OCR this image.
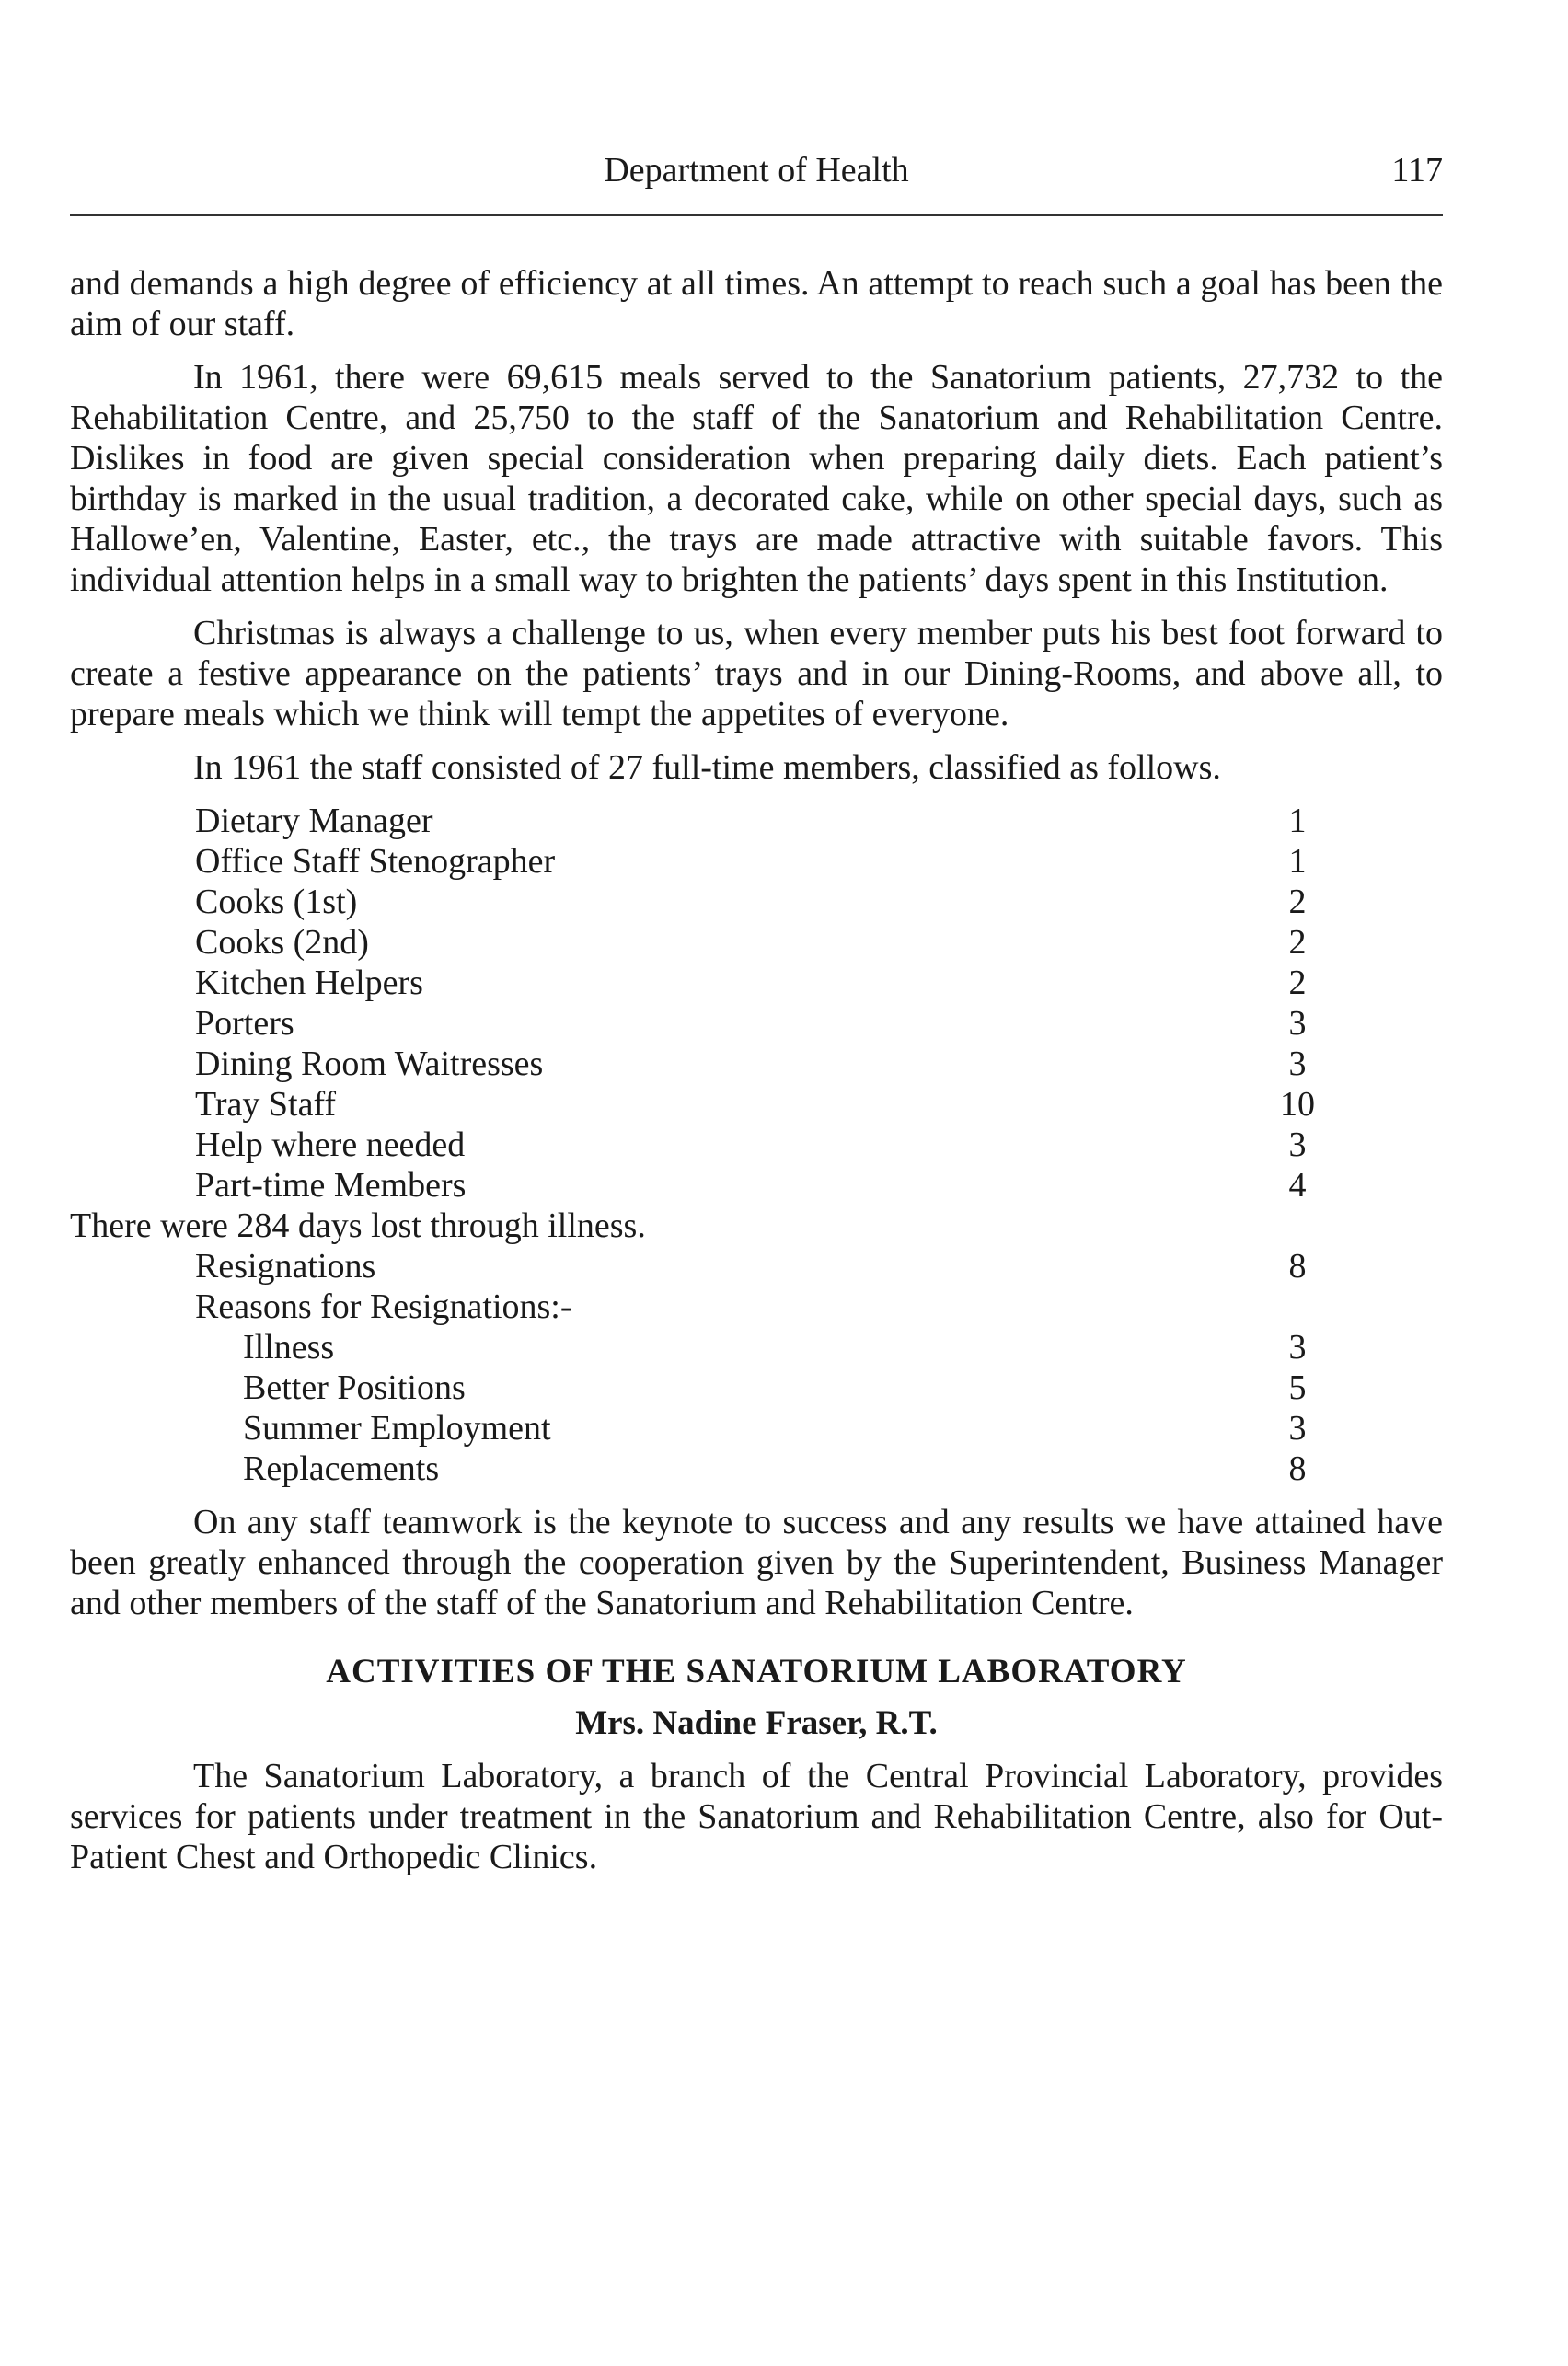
Department of Health	117

and demands a high degree of efficiency at all times. An attempt to reach such a goal has been the aim of our staff.

In 1961, there were 69,615 meals served to the Sanatorium patients, 27,732 to the Rehabilitation Centre, and 25,750 to the staff of the Sanatorium and Rehabilitation Centre. Dislikes in food are given special consideration when preparing daily diets. Each patient’s birthday is marked in the usual tradition, a decorated cake, while on other special days, such as Hallowe’en, Valentine, Easter, etc., the trays are made attractive with suitable favors. This individual attention helps in a small way to brighten the patients’ days spent in this Institution.

Christmas is always a challenge to us, when every member puts his best foot forward to create a festive appearance on the patients’ trays and in our Dining-Rooms, and above all, to prepare meals which we think will tempt the appetites of everyone.

In 1961 the staff consisted of 27 full-time members, classified as follows.

Dietary Manager	1
Office Staff Stenographer	1
Cooks (1st)	2
Cooks (2nd)	2
Kitchen Helpers	2
Porters	3
Dining Room Waitresses	3
Tray Staff	10
Help where needed	3
Part-time Members	4
There were 284 days lost through illness.
Resignations	8
Reasons for Resignations:-
Illness	3
Better Positions	5
Summer Employment	3
Replacements	8

On any staff teamwork is the keynote to success and any results we have attained have been greatly enhanced through the cooperation given by the Superintendent, Business Manager and other members of the staff of the Sanatorium and Rehabilitation Centre.

ACTIVITIES OF THE SANATORIUM LABORATORY
Mrs. Nadine Fraser, R.T.

The Sanatorium Laboratory, a branch of the Central Provincial Laboratory, provides services for patients under treatment in the Sanatorium and Rehabilitation Centre, also for Out-Patient Chest and Orthopedic Clinics.
